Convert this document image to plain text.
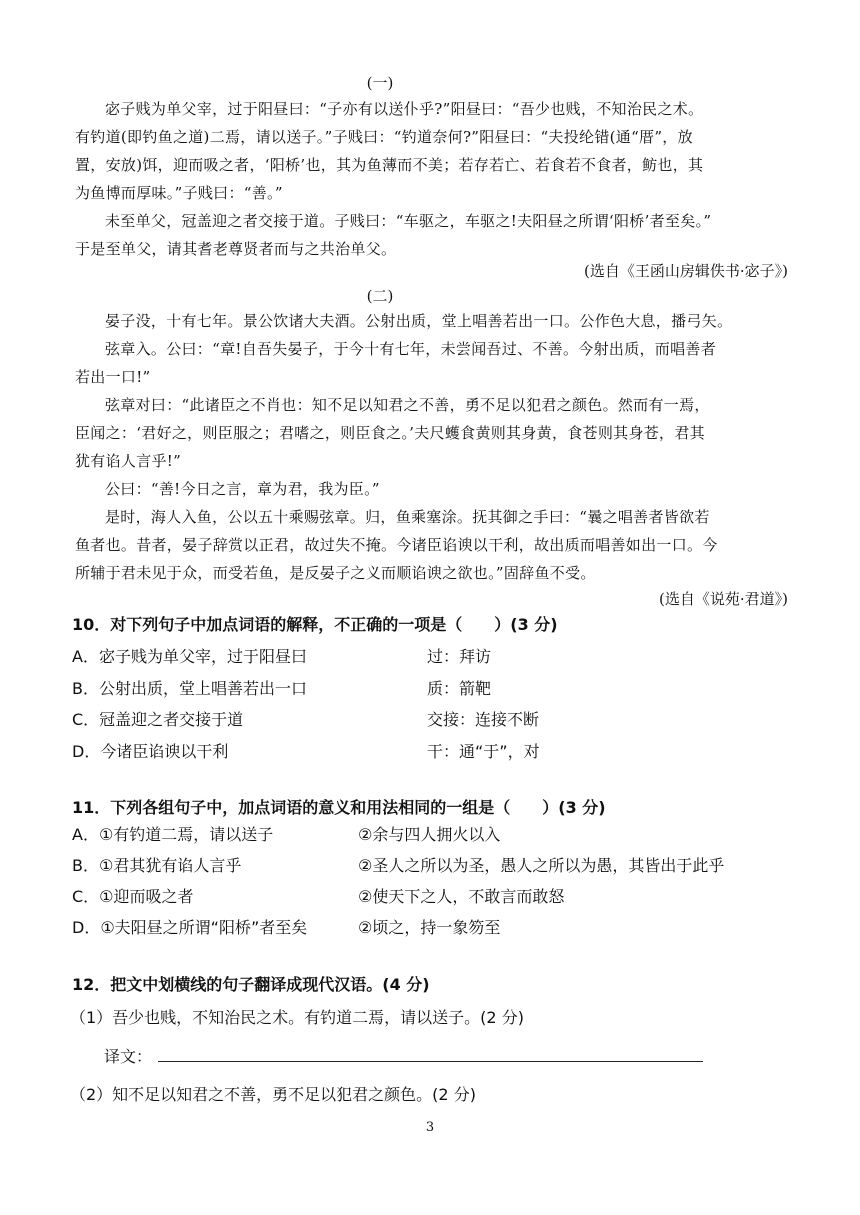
(一)
宓子贱为单父宰，过于阳昼曰：“子亦有以送仆乎?”阳昼曰：“吾少也贱，不知治民之术。
有钓道(即钓鱼之道)二焉，请以送子。”子贱曰：“钓道奈何?”阳昼曰：“夫投纶错(通“厝”，放
置，安放)饵，迎而吸之者，‘阳桥’也，其为鱼薄而不美；若存若亡、若食若不食者，鲂也，其
为鱼博而厚味。”子贱曰：“善。”
未至单父，冠盖迎之者交接于道。子贱曰：“车驱之，车驱之!夫阳昼之所谓‘阳桥’者至矣。”
于是至单父，请其耆老尊贤者而与之共治单父。
(选自《王函山房辑佚书·宓子》)
(二)
晏子没，十有七年。景公饮诸大夫酒。公射出质，堂上唱善若出一口。公作色大息，播弓矢。
弦章入。公曰：“章!自吾失晏子，于今十有七年，未尝闻吾过、不善。今射出质，而唱善者
若出一口!”
弦章对曰：“此诸臣之不肖也：知不足以知君之不善，勇不足以犯君之颜色。然而有一焉，
臣闻之：‘君好之，则臣服之；君嗜之，则臣食之。’夫尺蠖食黄则其身黄，食苍则其身苍，君其
犹有谄人言乎!”
公曰：“善!今日之言，章为君，我为臣。”
是时，海人入鱼，公以五十乘赐弦章。归，鱼乘塞涂。抚其御之手曰：“曩之唱善者皆欲若
鱼者也。昔者，晏子辞赏以正君，故过失不掩。今诸臣谄谀以干利，故出质而唱善如出一口。今
所辅于君未见于众，而受若鱼，是反晏子之义而顺谄谀之欲也。”固辞鱼不受。
(选自《说苑·君道》)
10．对下列句子中加点词语的解释，不正确的一项是（　　）(3 分)
A．宓子贱为单父宰，过于阳昼曰	过：拜访
B．公射出质，堂上唱善若出一口	质：箭靶
C．冠盖迎之者交接于道	交接：连接不断
D．今诸臣谄谀以干利	干：通“于”，对
11．下列各组句子中，加点词语的意义和用法相同的一组是（　　）(3 分)
A．①有钓道二焉，请以送子	②余与四人拥火以入
B．①君其犹有谄人言乎	②圣人之所以为圣，愚人之所以为愚，其皆出于此乎
C．①迎而吸之者	②使天下之人，不敢言而敢怒
D．①夫阳昼之所谓“阳桥”者至矣	②顷之，持一象笏至
12．把文中划横线的句子翻译成现代汉语。(4 分)
（1）吾少也贱，不知治民之术。有钓道二焉，请以送子。(2 分)
译文：
（2）知不足以知君之不善，勇不足以犯君之颜色。(2 分)
3
